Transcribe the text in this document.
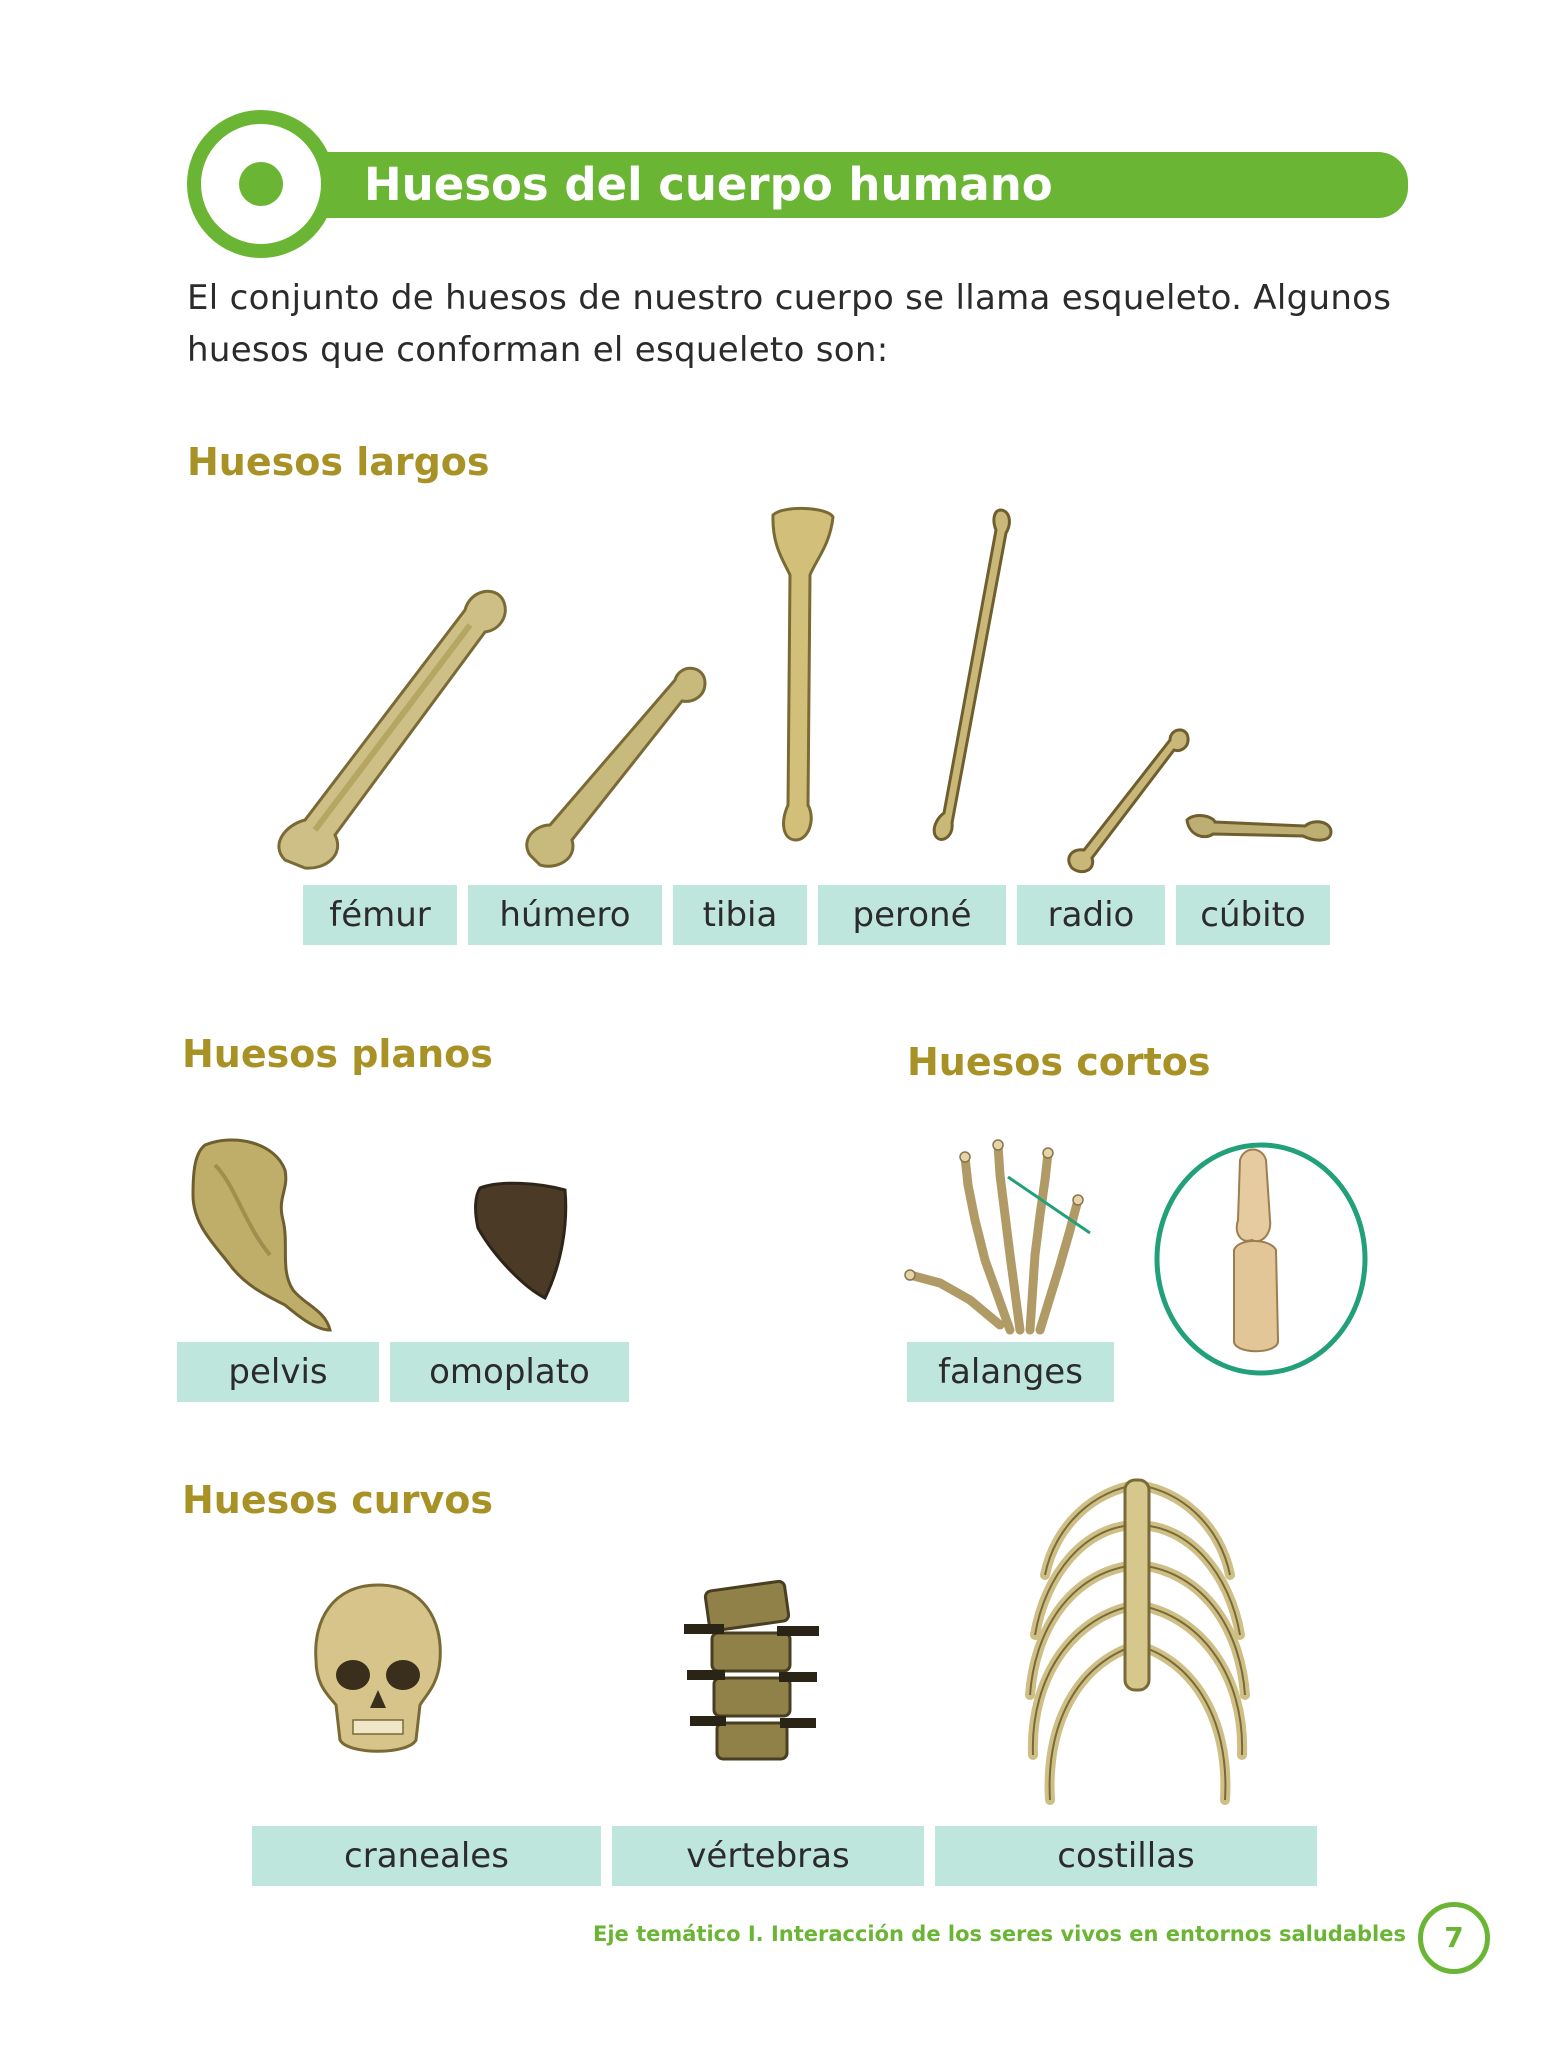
Huesos del cuerpo humano
El conjunto de huesos de nuestro cuerpo se llama esqueleto. Algunos huesos que conforman el esqueleto son:
Huesos largos
fémur	húmero	tibia	peroné	radio	cúbito
Huesos planos
pelvis	omoplato
Huesos cortos
falanges
Huesos curvos
craneales	vértebras	costillas
Eje temático I. Interacción de los seres vivos en entornos saludables	7
